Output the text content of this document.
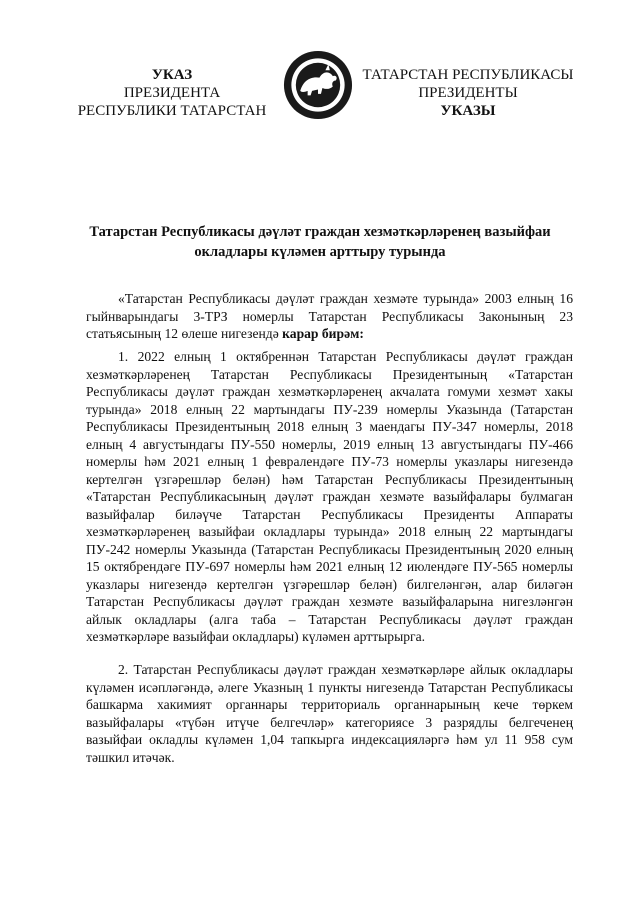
УКАЗ
ПРЕЗИДЕНТА
РЕСПУБЛИКИ ТАТАРСТАН
ТАТАРСТАН РЕСПУБЛИКАСЫ
ПРЕЗИДЕНТЫ
УКАЗЫ
Татарстан Республикасы дәүләт граждан хезмәткәрләренең вазыйфаи окладлары күләмен арттыру турында
«Татарстан Республикасы дәүләт граждан хезмәте турында» 2003 елның 16 гыйнварындагы 3-ТРЗ номерлы Татарстан Республикасы Законының 23 статьясының 12 өлеше нигезендә карар бирәм:
1. 2022 елның 1 октябреннән Татарстан Республикасы дәүләт граждан хезмәткәрләренең Татарстан Республикасы Президентының «Татарстан Республикасы дәүләт граждан хезмәткәрләренең акчалата гомуми хезмәт хакы турында» 2018 елның 22 мартындагы ПУ-239 номерлы Указында (Татарстан Республикасы Президентының 2018 елның 3 маендагы ПУ-347 номерлы, 2018 елның 4 августындагы ПУ-550 номерлы, 2019 елның 13 августындагы ПУ-466 номерлы һәм 2021 елның 1 февралендәге ПУ-73 номерлы указлары нигезендә кертелгән үзгәрешләр белән) һәм Татарстан Республикасы Президентының «Татарстан Республикасының дәүләт граждан хезмәте вазыйфалары булмаган вазыйфалар биләүче Татарстан Республикасы Президенты Аппараты хезмәткәрләренең вазыйфаи окладлары турында» 2018 елның 22 мартындагы ПУ-242 номерлы Указында (Татарстан Республикасы Президентының 2020 елның 15 октябрендәге ПУ-697 номерлы һәм 2021 елның 12 июлендәге ПУ-565 номерлы указлары нигезендә кертелгән үзгәрешләр белән) билгеләнгән, алар биләгән Татарстан Республикасы дәүләт граждан хезмәте вазыйфаларына нигезләнгән айлык окладлары (алга таба – Татарстан Республикасы дәүләт граждан хезмәткәрләре вазыйфаи окладлары) күләмен арттырырга.
2. Татарстан Республикасы дәүләт граждан хезмәткәрләре айлык окладлары күләмен исәпләгәндә, әлеге Указның 1 пункты нигезендә Татарстан Республикасы башкарма хакимият органнары территориаль органнарының кече төркем вазыйфалары «түбән итүче белгечләр» категориясе 3 разрядлы белгеченең вазыйфаи окладлы күләмен 1,04 тапкырга индексацияләргә һәм ул 11 958 сум тәшкил итәчәк.
